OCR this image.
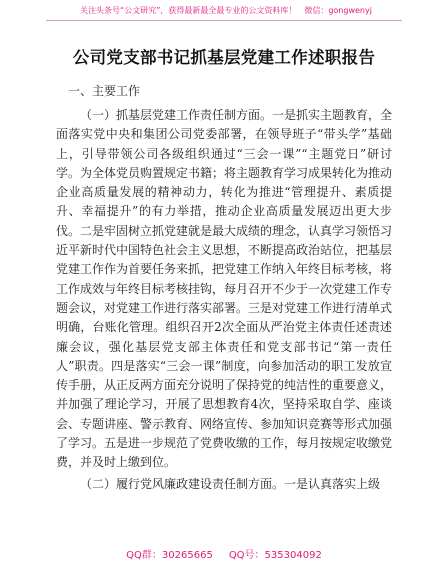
关注头条号“公文研究”，获得最新最全最专业的公文资料库！　微信：gongwenyj
公司党支部书记抓基层党建工作述职报告
一、主要工作

（一）抓基层党建工作责任制方面。一是抓实主题教育，全面落实党中央和集团公司党委部署，在领导班子“带头学”基础上，引导带领公司各级组织通过“三会一课”“主题党日”研讨学。为全体党员购置规定书籍；将主题教育学习成果转化为推动企业高质量发展的精神动力，转化为推进“管理提升、素质提升、幸福提升”的有力举措，推动企业高质量发展迈出更大步伐。二是牢固树立抓党建就是最大成绩的理念，认真学习领悟习近平新时代中国特色社会主义思想，不断提高政治站位，把基层党建工作作为首要任务来抓，把党建工作纳入年终目标考核，将工作成效与年终目标考核挂钩，每月召开不少于一次党建工作专题会议，对党建工作进行落实部署。三是对党建工作进行清单式明确，台账化管理。组织召开2次全面从严治党主体责任述责述廉会议，强化基层党支部主体责任和党支部书记“第一责任人”职责。四是落实“三会一课”制度，向参加活动的职工发放宣传手册，从正反两方面充分说明了保持党的纯洁性的重要意义，并加强了理论学习，开展了思想教育4次，坚持采取自学、座谈会、专题讲座、警示教育、网络宣传、参加知识竞赛等形式加强了学习。五是进一步规范了党费收缴的工作，每月按规定收缴党费，并及时上缴到位。

（二）履行党风廉政建设责任制方面。一是认真落实上级

QQ群：30265665 QQ号：535304092
